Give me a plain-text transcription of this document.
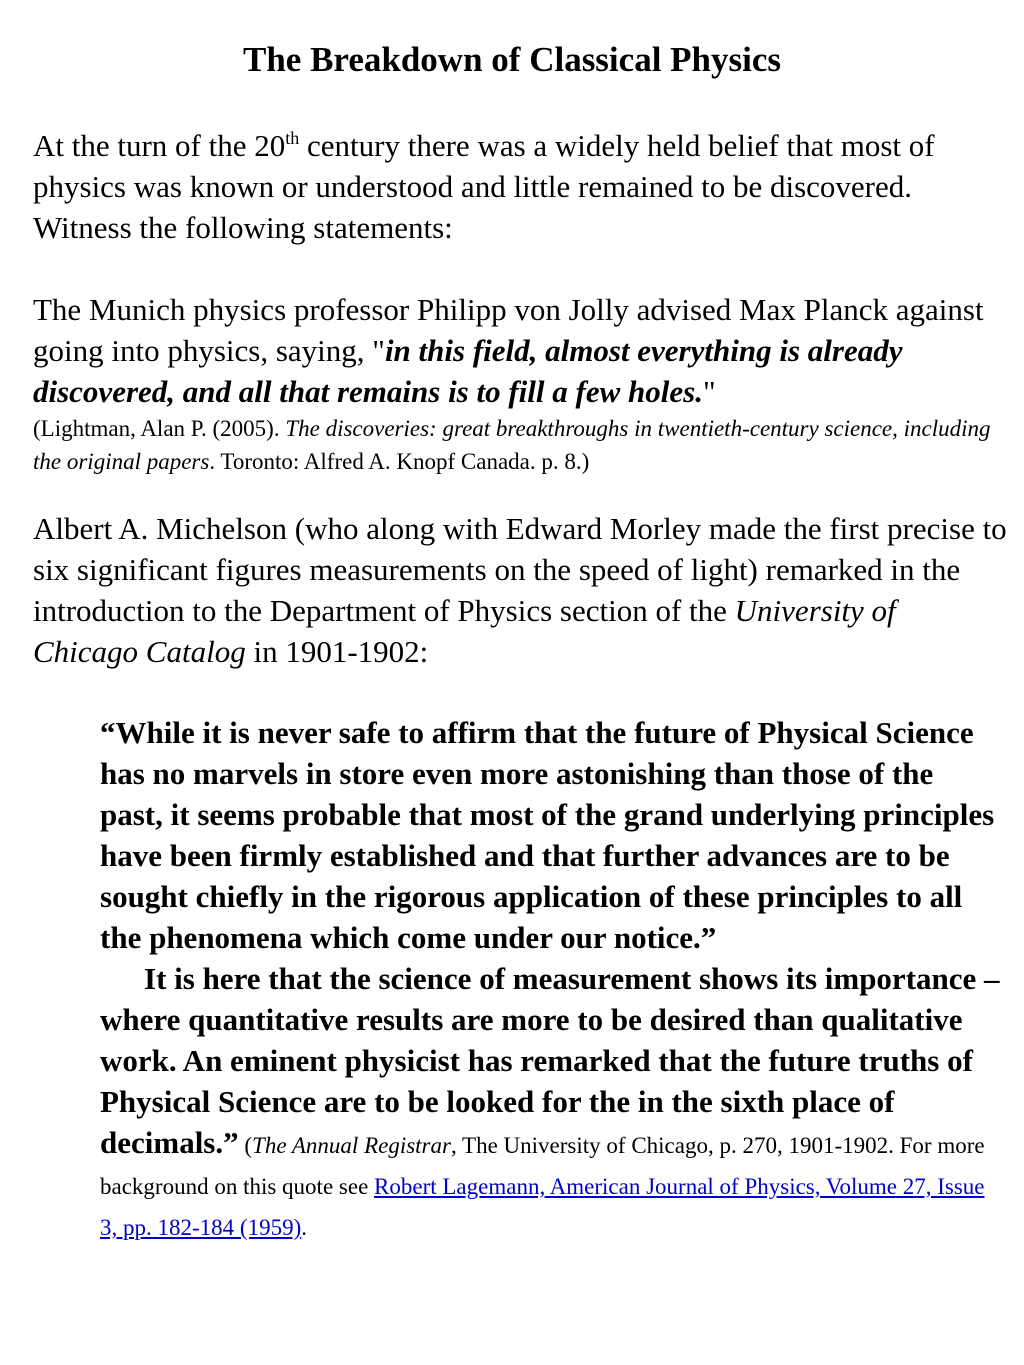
The Breakdown of Classical Physics

At the turn of the 20th century there was a widely held belief that most of physics was known or understood and little remained to be discovered. Witness the following statements:

The Munich physics professor Philipp von Jolly advised Max Planck against going into physics, saying, "in this field, almost everything is already discovered, and all that remains is to fill a few holes."
(Lightman, Alan P. (2005). The discoveries: great breakthroughs in twentieth-century science, including the original papers. Toronto: Alfred A. Knopf Canada. p. 8.)

Albert A. Michelson (who along with Edward Morley made the first precise to six significant figures measurements on the speed of light) remarked in the introduction to the Department of Physics section of the University of Chicago Catalog in 1901-1902:

“While it is never safe to affirm that the future of Physical Science has no marvels in store even more astonishing than those of the past, it seems probable that most of the grand underlying principles have been firmly established and that further advances are to be sought chiefly in the rigorous application of these principles to all the phenomena which come under our notice.”
It is here that the science of measurement shows its importance – where quantitative results are more to be desired than qualitative work. An eminent physicist has remarked that the future truths of Physical Science are to be looked for the in the sixth place of decimals.” (The Annual Registrar, The University of Chicago, p. 270, 1901-1902. For more background on this quote see Robert Lagemann, American Journal of Physics, Volume 27, Issue 3, pp. 182-184 (1959).
